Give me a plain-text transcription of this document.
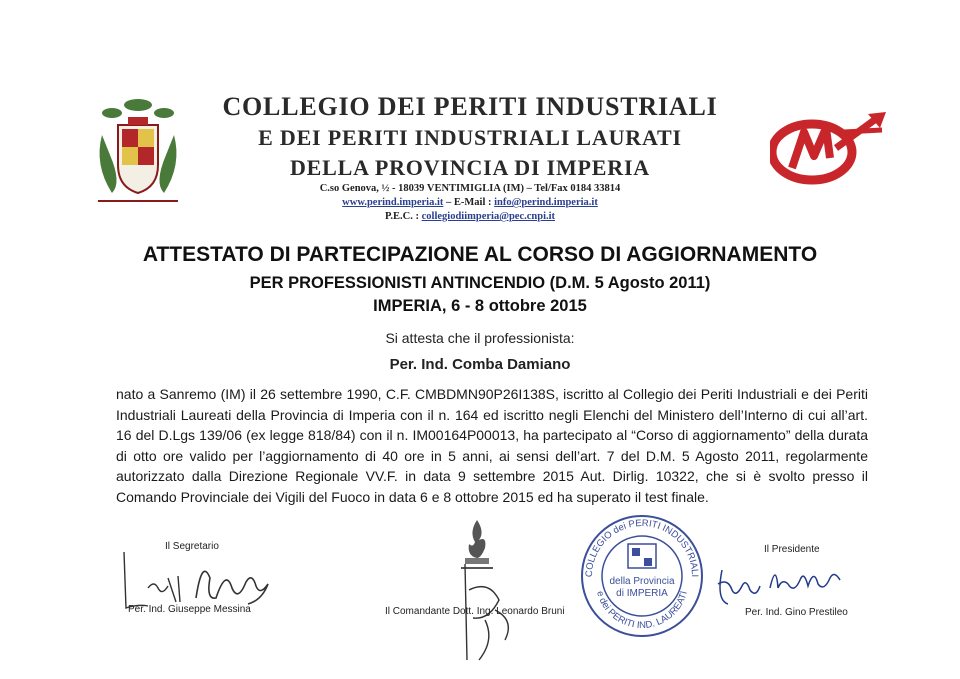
COLLEGIO DEI PERITI INDUSTRIALI
E DEI PERITI INDUSTRIALI LAURATI
DELLA PROVINCIA DI IMPERIA
C.so Genova, ½ - 18039 VENTIMIGLIA (IM) – Tel/Fax 0184 33814
www.perind.imperia.it – E-Mail : info@perind.imperia.it
P.E.C. : collegiodiimperia@pec.cnpi.it
ATTESTATO DI PARTECIPAZIONE AL CORSO DI AGGIORNAMENTO
PER PROFESSIONISTI ANTINCENDIO (D.M. 5 Agosto 2011)
IMPERIA, 6 - 8 ottobre 2015
Si attesta che il professionista:
Per. Ind. Comba Damiano
nato a Sanremo (IM) il 26 settembre 1990, C.F. CMBDMN90P26I138S, iscritto al Collegio dei Periti Industriali e dei Periti Industriali Laureati della Provincia di Imperia con il n. 164 ed iscritto negli Elenchi del Ministero dell’Interno di cui all’art. 16 del D.Lgs 139/06 (ex legge 818/84) con il n. IM00164P00013, ha partecipato al “Corso di aggiornamento” della durata di otto ore valido per l’aggiornamento di 40 ore in 5 anni, ai sensi dell’art. 7 del D.M. 5 Agosto 2011, regolarmente autorizzato dalla Direzione Regionale VV.F. in data 9 settembre 2015 Aut. Dirlig. 10322, che si è svolto presso il Comando Provinciale dei Vigili del Fuoco in data 6 e 8 ottobre 2015 ed ha superato il test finale.
Il Segretario
Per. Ind. Giuseppe Messina	Il Comandante Dott. Ing. Leonardo Bruni
COLLEGIO dei PERITI INDUSTRIALI
e dei PERITI IND. LAUREATI
della Provincia
di IMPERIA
Il Presidente
Per. Ind. Gino Prestileo
